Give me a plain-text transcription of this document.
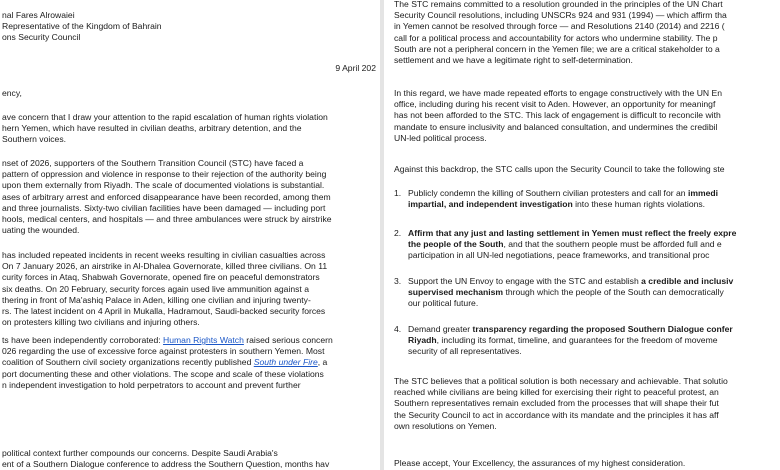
nal Fares Alrowaiei
Representative of the Kingdom of Bahrain
ons Security Council
9 April 202
ency,
ave concern that I draw your attention to the rapid escalation of human rights violation
hern Yemen, which have resulted in civilian deaths, arbitrary detention, and the
Southern voices.
nset of 2026, supporters of the Southern Transition Council (STC) have faced a
pattern of oppression and violence in response to their rejection of the authority being
upon them externally from Riyadh. The scale of documented violations is substantial.
ases of arbitrary arrest and enforced disappearance have been recorded, among them
and three journalists. Sixty-two civilian facilities have been damaged — including port
hools, medical centers, and hospitals — and three ambulances were struck by airstrike
uating the wounded.
has included repeated incidents in recent weeks resulting in civilian casualties across
On 7 January 2026, an airstrike in Al-Dhalea Governorate, killed three civilians. On 11
curity forces in Ataq, Shabwah Governorate, opened fire on peaceful demonstrators
six deaths. On 20 February, security forces again used live ammunition against a
thering in front of Ma'ashiq Palace in Aden, killing one civilian and injuring twenty-
rs. The latest incident on 4 April in Mukalla, Hadramout, Saudi-backed security forces
on protesters killing two civilians and injuring others.
ts have been independently corroborated: Human Rights Watch raised serious concern
026 regarding the use of excessive force against protesters in southern Yemen. Most
coalition of Southern civil society organizations recently published South under Fire, a
port documenting these and other violations. The scope and scale of these violations
n independent investigation to hold perpetrators to account and prevent further
political context further compounds our concerns. Despite Saudi Arabia's
ent of a Southern Dialogue conference to address the Southern Question, months hav
The STC remains committed to a resolution grounded in the principles of the UN Chart
Security Council resolutions, including UNSCRs 924 and 931 (1994) — which affirm tha
in Yemen cannot be resolved through force — and Resolutions 2140 (2014) and 2216 (
call for a political process and accountability for actors who undermine stability. The p
South are not a peripheral concern in the Yemen file; we are a critical stakeholder to a
settlement and we have a legitimate right to self-determination.
In this regard, we have made repeated efforts to engage constructively with the UN En
office, including during his recent visit to Aden. However, an opportunity for meaningf
has not been afforded to the STC. This lack of engagement is difficult to reconcile with
mandate to ensure inclusivity and balanced consultation, and undermines the credibil
UN-led political process.
Against this backdrop, the STC calls upon the Security Council to take the following ste
1. Publicly condemn the killing of Southern civilian protesters and call for an immedi
impartial, and independent investigation into these human rights violations.
2. Affirm that any just and lasting settlement in Yemen must reflect the freely expre
the people of the South, and that the southern people must be afforded full and e
participation in all UN-led negotiations, peace frameworks, and transitional proc
3. Support the UN Envoy to engage with the STC and establish a credible and inclusiv
supervised mechanism through which the people of the South can democratically
our political future.
4. Demand greater transparency regarding the proposed Southern Dialogue confer
Riyadh, including its format, timeline, and guarantees for the freedom of moveme
security of all representatives.
The STC believes that a political solution is both necessary and achievable. That solutio
reached while civilians are being killed for exercising their right to peaceful protest, an
Southern representatives remain excluded from the processes that will shape their fut
the Security Council to act in accordance with its mandate and the principles it has aff
own resolutions on Yemen.
Please accept, Your Excellency, the assurances of my highest consideration.
